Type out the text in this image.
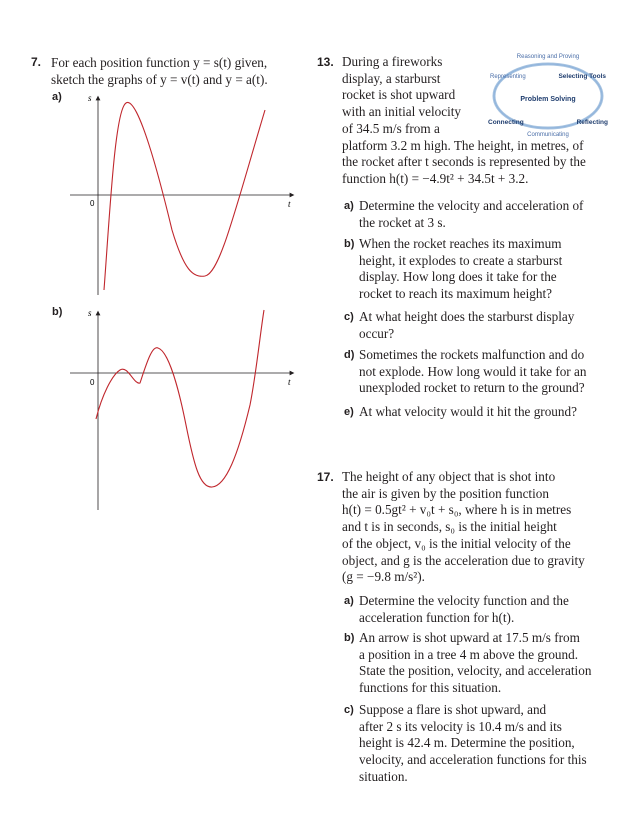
7. For each position function y = s(t) given,
sketch the graphs of y = v(t) and y = a(t).
a)	s
t
0
b)	s
t
0
13. During a fireworks
display, a starburst
rocket is shot upward
with an initial velocity
of 34.5 m/s from a
platform 3.2 m high. The height, in metres, of
the rocket after t seconds is represented by the
function h(t) = −4.9t² + 34.5t + 3.2.
Reasoning and Proving
Representing	Selecting Tools
Problem Solving
Connecting	Reflecting
Communicating
a) Determine the velocity and acceleration of
the rocket at 3 s.
b) When the rocket reaches its maximum
height, it explodes to create a starburst
display. How long does it take for the
rocket to reach its maximum height?
c) At what height does the starburst display
occur?
d) Sometimes the rockets malfunction and do
not explode. How long would it take for an
unexploded rocket to return to the ground?
e) At what velocity would it hit the ground?
17. The height of any object that is shot into
the air is given by the position function
h(t) = 0.5gt² + v₀t + s₀, where h is in metres
and t is in seconds, s₀ is the initial height
of the object, v₀ is the initial velocity of the
object, and g is the acceleration due to gravity
(g = −9.8 m/s²).
a) Determine the velocity function and the
acceleration function for h(t).
b) An arrow is shot upward at 17.5 m/s from
a position in a tree 4 m above the ground.
State the position, velocity, and acceleration
functions for this situation.
c) Suppose a flare is shot upward, and
after 2 s its velocity is 10.4 m/s and its
height is 42.4 m. Determine the position,
velocity, and acceleration functions for this
situation.
